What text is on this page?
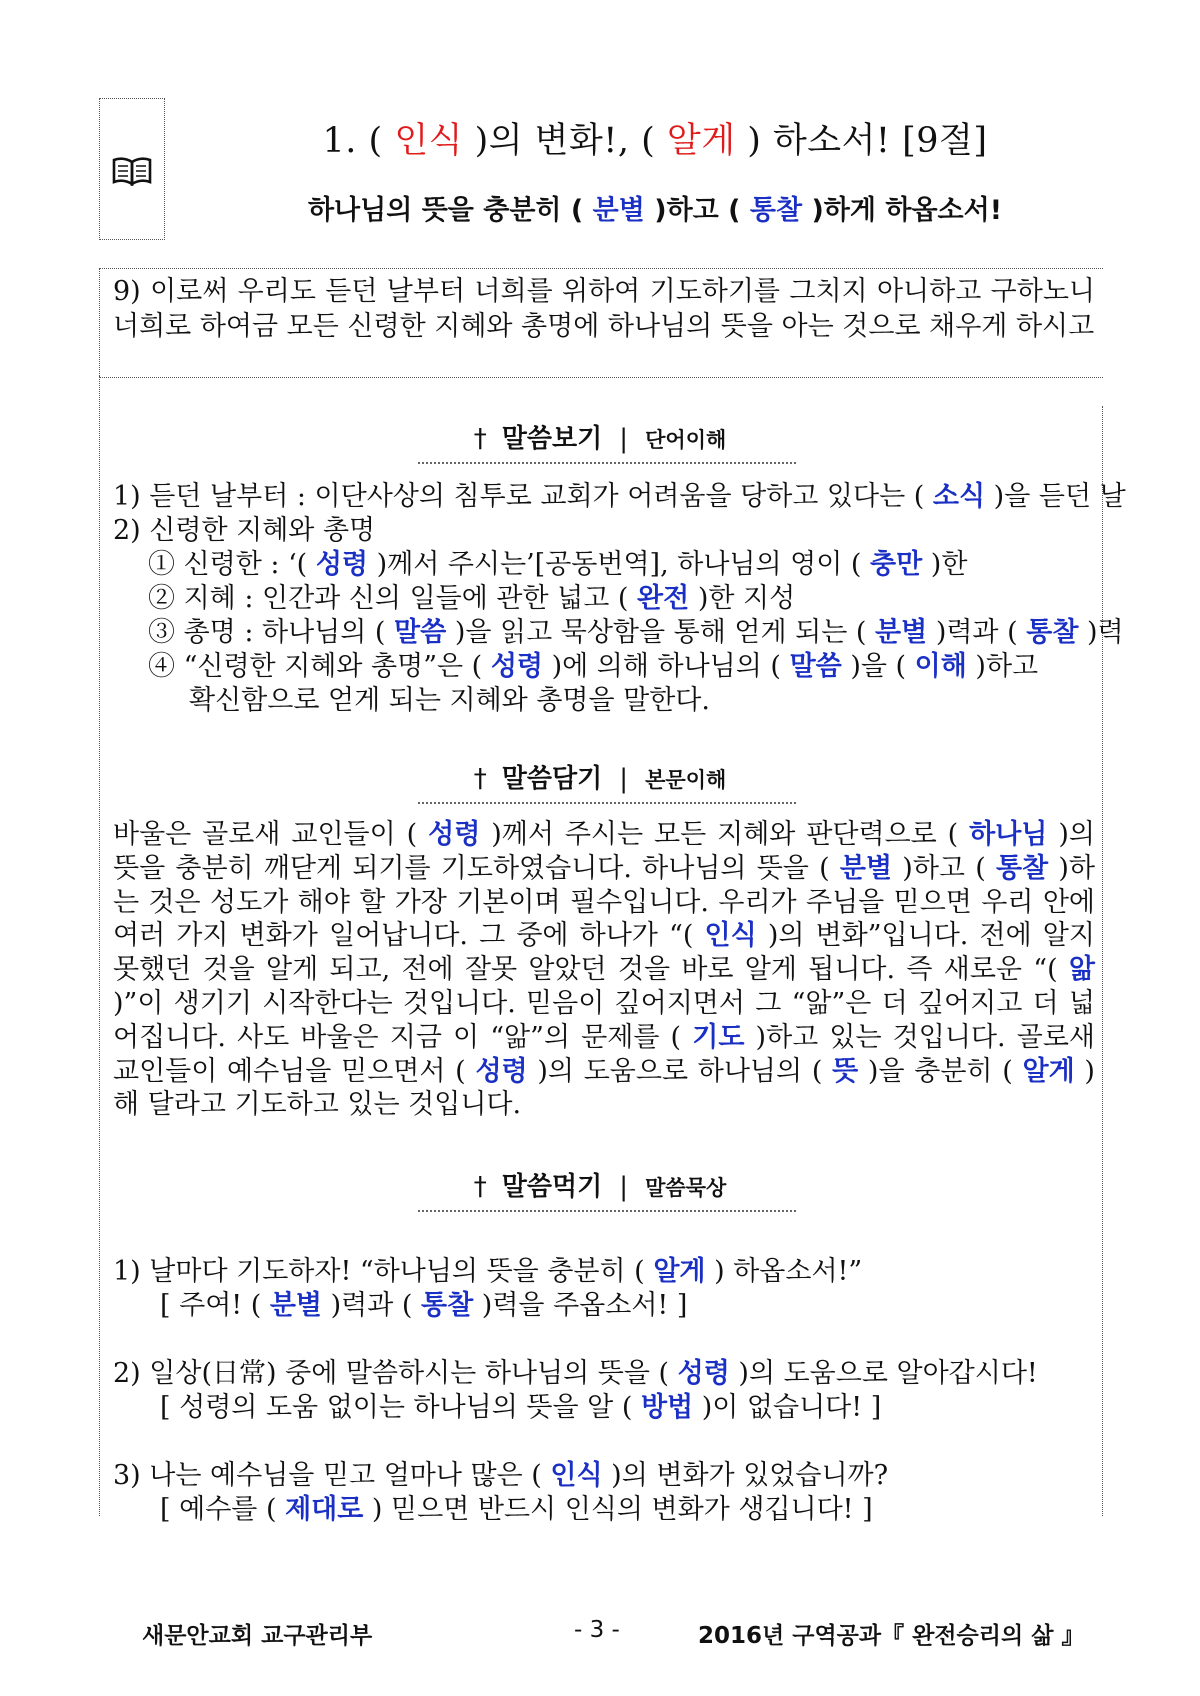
1. ( 인식 )의 변화!, ( 알게 ) 하소서! [9절]
하나님의 뜻을 충분히 ( 분별 )하고 ( 통찰 )하게 하옵소서!
9) 이로써 우리도 듣던 날부터 너희를 위하여 기도하기를 그치지 아니하고 구하노니 너희로 하여금 모든 신령한 지혜와 총명에 하나님의 뜻을 아는 것으로 채우게 하시고
† 말씀보기 | 단어이해
1) 듣던 날부터 : 이단사상의 침투로 교회가 어려움을 당하고 있다는 ( 소식 )을 듣던 날
2) 신령한 지혜와 총명
① 신령한 : ‘( 성령 )께서 주시는’[공동번역], 하나님의 영이 ( 충만 )한
② 지혜 : 인간과 신의 일들에 관한 넓고 ( 완전 )한 지성
③ 총명 : 하나님의 ( 말씀 )을 읽고 묵상함을 통해 얻게 되는 ( 분별 )력과 ( 통찰 )력
④ “신령한 지혜와 총명”은 ( 성령 )에 의해 하나님의 ( 말씀 )을 ( 이해 )하고
확신함으로 얻게 되는 지혜와 총명을 말한다.
† 말씀담기 | 본문이해
바울은 골로새 교인들이 ( 성령 )께서 주시는 모든 지혜와 판단력으로 ( 하나님 )의 뜻을 충분히 깨닫게 되기를 기도하였습니다. 하나님의 뜻을 ( 분별 )하고 ( 통찰 )하는 것은 성도가 해야 할 가장 기본이며 필수입니다. 우리가 주님을 믿으면 우리 안에 여러 가지 변화가 일어납니다. 그 중에 하나가 “( 인식 )의 변화”입니다. 전에 알지 못했던 것을 알게 되고, 전에 잘못 알았던 것을 바로 알게 됩니다. 즉 새로운 “( 앎 )”이 생기기 시작한다는 것입니다. 믿음이 깊어지면서 그 “앎”은 더 깊어지고 더 넓어집니다. 사도 바울은 지금 이 “앎”의 문제를 ( 기도 )하고 있는 것입니다. 골로새 교인들이 예수님을 믿으면서 ( 성령 )의 도움으로 하나님의 ( 뜻 )을 충분히 ( 알게 ) 해 달라고 기도하고 있는 것입니다.
† 말씀먹기 | 말씀묵상
1) 날마다 기도하자! “하나님의 뜻을 충분히 ( 알게 ) 하옵소서!”
[ 주여! ( 분별 )력과 ( 통찰 )력을 주옵소서! ]
2) 일상(日常) 중에 말씀하시는 하나님의 뜻을 ( 성령 )의 도움으로 알아갑시다!
[ 성령의 도움 없이는 하나님의 뜻을 알 ( 방법 )이 없습니다! ]
3) 나는 예수님을 믿고 얼마나 많은 ( 인식 )의 변화가 있었습니까?
[ 예수를 ( 제대로 ) 믿으면 반드시 인식의 변화가 생깁니다! ]
새문안교회 교구관리부	- 3 -	2016년 구역공과『 완전승리의 삶 』
